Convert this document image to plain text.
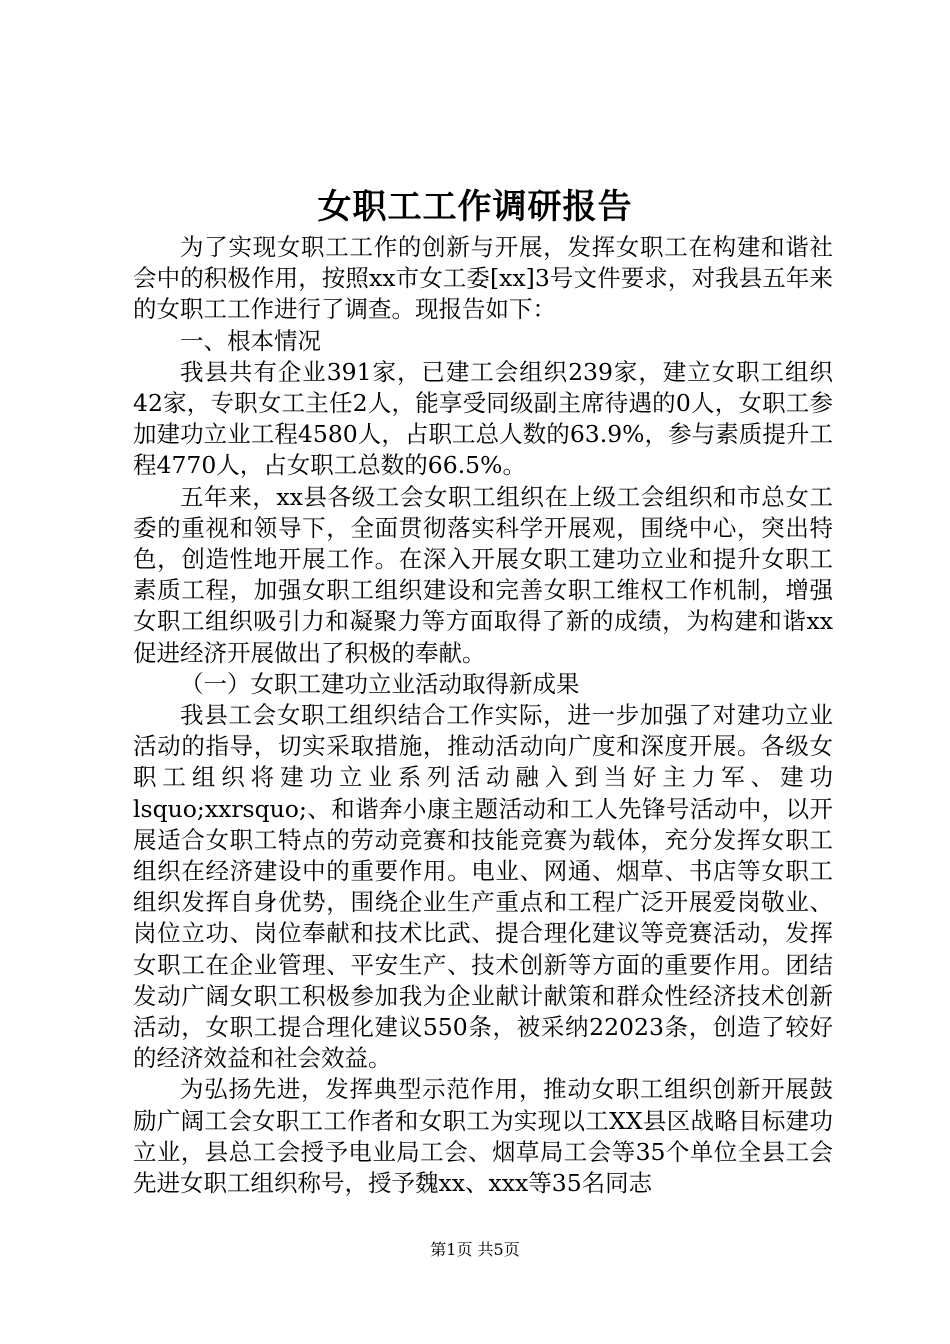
女职工工作调研报告

为了实现女职工工作的创新与开展，发挥女职工在构建和谐社会中的积极作用，按照xx市女工委[xx]3号文件要求，对我县五年来的女职工工作进行了调查。现报告如下：

一、根本情况

我县共有企业391家，已建工会组织239家，建立女职工组织42家，专职女工主任2人，能享受同级副主席待遇的0人，女职工参加建功立业工程4580人，占职工总人数的63.9%，参与素质提升工程4770人，占女职工总数的66.5%。

五年来，xx县各级工会女职工组织在上级工会组织和市总女工委的重视和领导下，全面贯彻落实科学开展观，围绕中心，突出特色，创造性地开展工作。在深入开展女职工建功立业和提升女职工素质工程，加强女职工组织建设和完善女职工维权工作机制，增强女职工组织吸引力和凝聚力等方面取得了新的成绩，为构建和谐xx促进经济开展做出了积极的奉献。

（一）女职工建功立业活动取得新成果

我县工会女职工组织结合工作实际，进一步加强了对建功立业活动的指导，切实采取措施，推动活动向广度和深度开展。各级女职工组织将建功立业系列活动融入到当好主力军、建功lsquo;xxrsquo;、和谐奔小康主题活动和工人先锋号活动中，以开展适合女职工特点的劳动竞赛和技能竞赛为载体，充分发挥女职工组织在经济建设中的重要作用。电业、网通、烟草、书店等女职工组织发挥自身优势，围绕企业生产重点和工程广泛开展爱岗敬业、岗位立功、岗位奉献和技术比武、提合理化建议等竞赛活动，发挥女职工在企业管理、平安生产、技术创新等方面的重要作用。团结发动广阔女职工积极参加我为企业献计献策和群众性经济技术创新活动，女职工提合理化建议550条，被采纳22023条，创造了较好的经济效益和社会效益。

为弘扬先进，发挥典型示范作用，推动女职工组织创新开展鼓励广阔工会女职工工作者和女职工为实现以工XX县区战略目标建功立业，县总工会授予电业局工会、烟草局工会等35个单位全县工会先进女职工组织称号，授予魏xx、xxx等35名同志

第1页 共5页
